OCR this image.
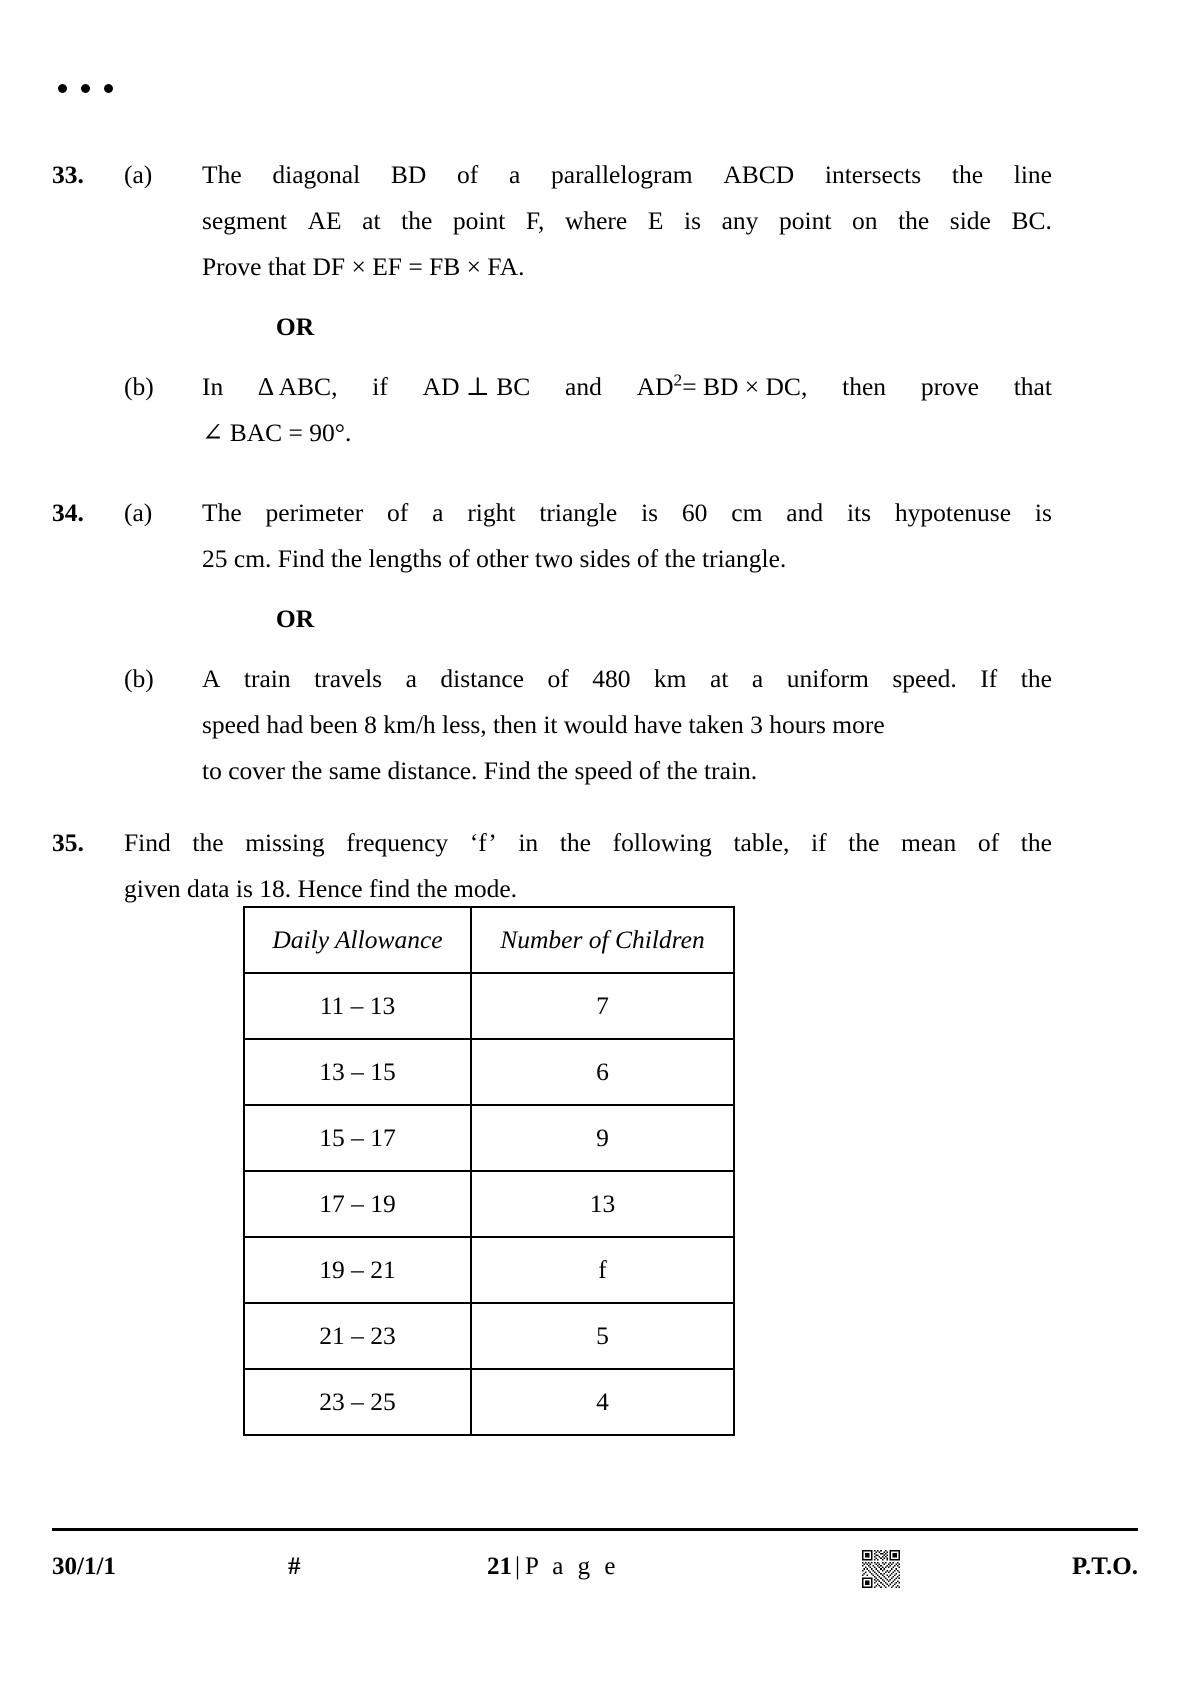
33.	(a)	The diagonal BD of a parallelogram ABCD intersects the line
segment AE at the point F, where E is any point on the side BC.
Prove that DF × EF = FB × FA.
OR
(b)	In ∆ ABC, if AD ⊥ BC and $AD^2=$ BD × DC, then prove that
∠ BAC = 90°.
34.	(a)	The perimeter of a right triangle is 60 cm and its hypotenuse is
25 cm. Find the lengths of other two sides of the triangle.
OR
(b)	A train travels a distance of 480 km at a uniform speed. If the
speed had been 8 km/h less, then it would have taken 3 hours more
to cover the same distance. Find the speed of the train.
35.	Find the missing frequency ‘f’ in the following table, if the mean of the
given data is 18. Hence find the mode.
Daily Allowance	Number of Children
11 – 13	7
13 – 15	6
15 – 17	9
17 – 19	13
19 – 21	f
21 – 23	5
23 – 25	4
30/1/1	#	21 | P a g e	P.T.O.
